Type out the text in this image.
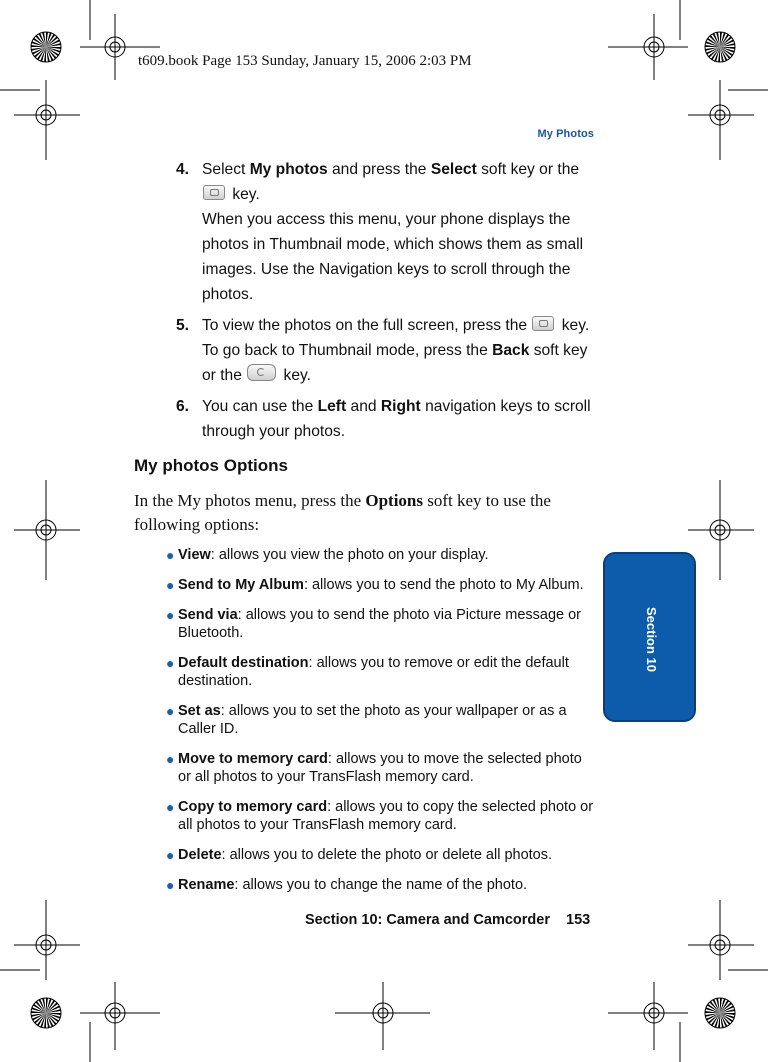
t609.book Page 153 Sunday, January 15, 2006 2:03 PM
My Photos
Section 10
4. Select My photos and press the Select soft key or the  key.
When you access this menu, your phone displays the photos in Thumbnail mode, which shows them as small images. Use the Navigation keys to scroll through the photos.
5. To view the photos on the full screen, press the  key. To go back to Thumbnail mode, press the Back soft key or the  key.
6. You can use the Left and Right navigation keys to scroll through your photos.
My photos Options
In the My photos menu, press the Options soft key to use the following options:
● View: allows you view the photo on your display.
● Send to My Album: allows you to send the photo to My Album.
● Send via: allows you to send the photo via Picture message or Bluetooth.
● Default destination: allows you to remove or edit the default destination.
● Set as: allows you to set the photo as your wallpaper or as a Caller ID.
● Move to memory card: allows you to move the selected photo or all photos to your TransFlash memory card.
● Copy to memory card: allows you to copy the selected photo or all photos to your TransFlash memory card.
● Delete: allows you to delete the photo or delete all photos.
● Rename: allows you to change the name of the photo.
Section 10: Camera and Camcorder 153
